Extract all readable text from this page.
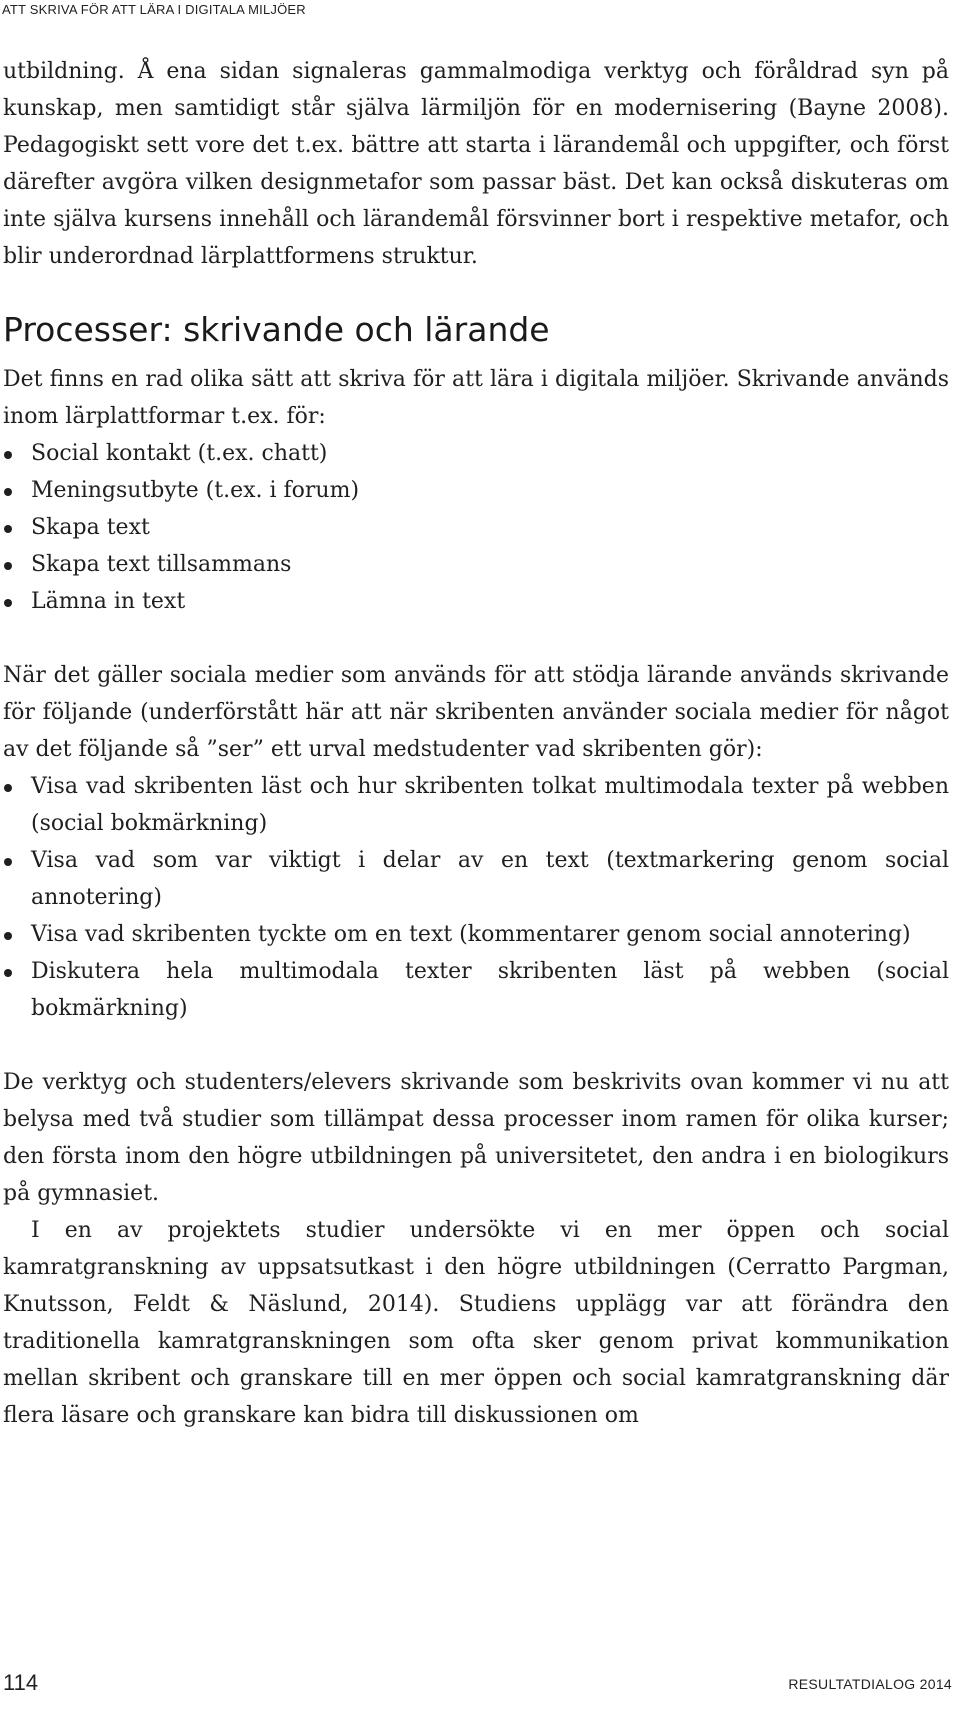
ATT SKRIVA FÖR ATT LÄRA I DIGITALA MILJÖER

utbildning. Å ena sidan signaleras gammalmodiga verktyg och föråldrad syn på kunskap, men samtidigt står själva lärmiljön för en modernisering (Bayne 2008). Pedagogiskt sett vore det t.ex. bättre att starta i lärandemål och uppgifter, och först därefter avgöra vilken designmetafor som passar bäst. Det kan också diskuteras om inte själva kursens innehåll och lärandemål försvinner bort i respektive metafor, och blir underordnad lärplattformens struktur.

Processer: skrivande och lärande

Det finns en rad olika sätt att skriva för att lära i digitala miljöer. Skrivande används inom lärplattformar t.ex. för:

Social kontakt (t.ex. chatt)
Meningsutbyte (t.ex. i forum)
Skapa text
Skapa text tillsammans
Lämna in text

När det gäller sociala medier som används för att stödja lärande används skrivande för följande (underförstått här att när skribenten använder sociala medier för något av det följande så ”ser” ett urval medstudenter vad skribenten gör):

Visa vad skribenten läst och hur skribenten tolkat multimodala texter på webben (social bokmärkning)
Visa vad som var viktigt i delar av en text (textmarkering genom social annotering)
Visa vad skribenten tyckte om en text (kommentarer genom social annotering)
Diskutera hela multimodala texter skribenten läst på webben (social bokmärkning)

De verktyg och studenters/elevers skrivande som beskrivits ovan kommer vi nu att belysa med två studier som tillämpat dessa processer inom ramen för olika kurser; den första inom den högre utbildningen på universitetet, den andra i en biologikurs på gymnasiet.

I en av projektets studier undersökte vi en mer öppen och social kamratgranskning av uppsatsutkast i den högre utbildningen (Cerratto Pargman, Knutsson, Feldt & Näslund, 2014). Studiens upplägg var att förändra den traditionella kamratgranskningen som ofta sker genom privat kommunikation mellan skribent och granskare till en mer öppen och social kamratgranskning där flera läsare och granskare kan bidra till diskussionen om

114	RESULTATDIALOG 2014
